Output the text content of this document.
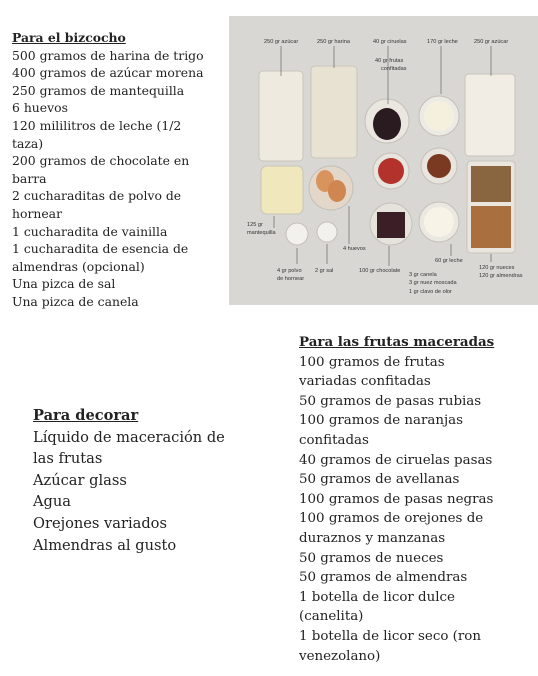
Para el bizcocho
500 gramos de harina de trigo
400 gramos de azúcar morena
250 gramos de mantequilla
6 huevos
120 mililitros de leche (1/2 taza)
200 gramos de chocolate en
barra
2 cucharaditas de polvo de
hornear
1 cucharadita de vainilla
1 cucharadita de esencia de
almendras (opcional)
Una pizca de sal
Una pizca de canela
250 gr azúcar	250 gr harina	40 gr ciruelas
40 gr frutas
confitadas
170 gr leche	250 gr azúcar
125 gr
mantequilla
4 huevos
4 gr polvo
de hornear
2 gr sal	100 gr chocolate
3 gr canela
3 gr nuez moscada
1 gr clavo de olor
60 gr leche
120 gr nueces
120 gr almendras
Para decorar
Líquido de maceración de
las frutas
Azúcar glass
Agua
Orejones variados
Almendras al gusto
Para las frutas maceradas
100 gramos de frutas
variadas confitadas
50 gramos de pasas rubias
100 gramos de naranjas
confitadas
40 gramos de ciruelas pasas
50 gramos de avellanas
100 gramos de pasas negras
100 gramos de orejones de
duraznos y manzanas
50 gramos de nueces
50 gramos de almendras
1 botella de licor dulce
(canelita)
1 botella de licor seco (ron
venezolano)
